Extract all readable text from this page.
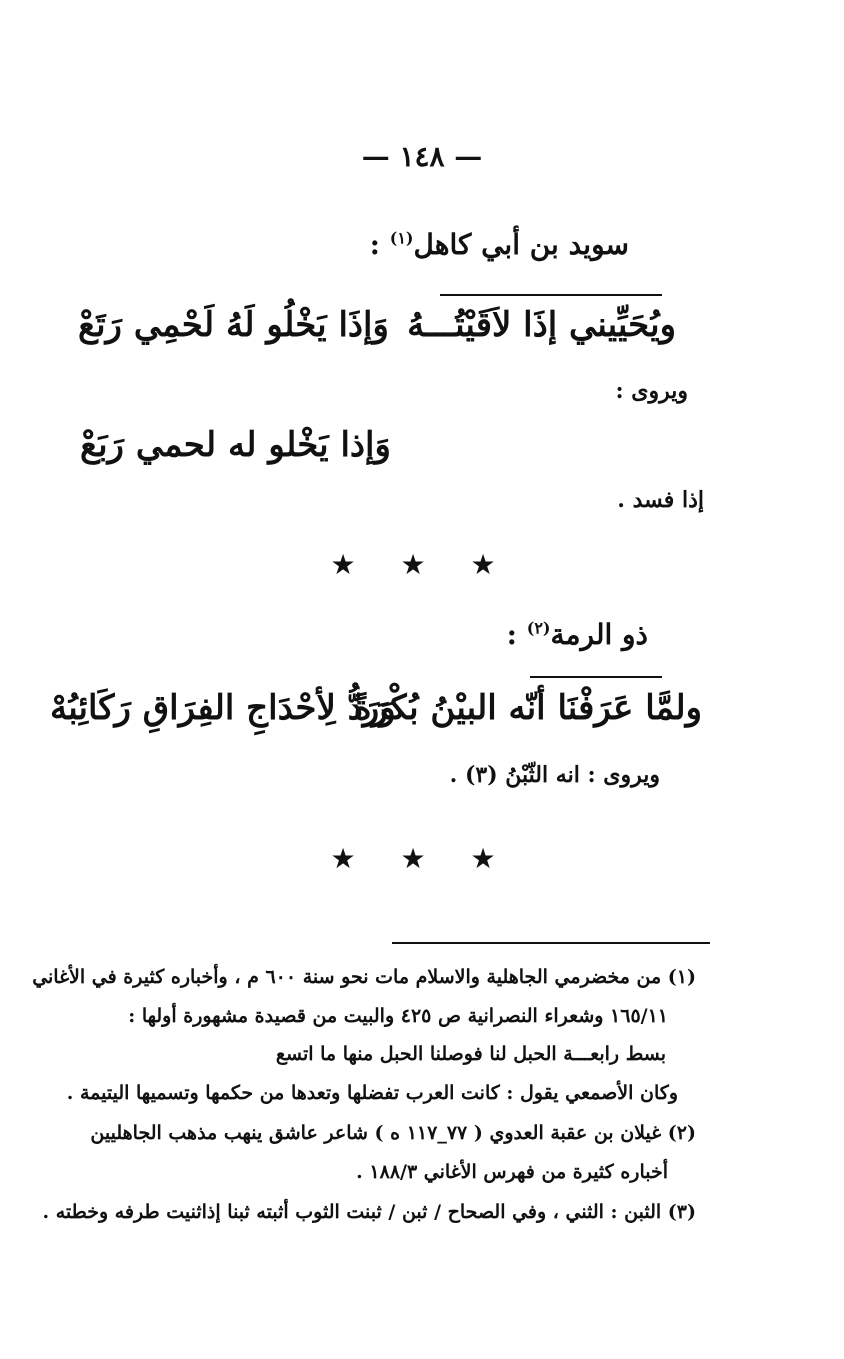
— ١٤٨ —
سويد بن أبي كاهل$^{(١)}$ :
ويُحَيِّيني إذَا لاَقَيْتُـــهُ
وَإذَا يَخْلُو لَهُ لَحْمِي رَتَعْ
ويروى :
وَإذا يَخْلو له لحمي رَبَعْ
إذا فسد .
★ ★ ★
ذو الرمة$^{(٢)}$ :
ولمَّا عَرَفْنَا أنّه البيْنُ بُكْرَةً
وَرَدُّ لِأحْدَاجِ الفِرَاقِ رَكَائِبُهْ
ويروى : انه الثّبْنُ (٣) .
★ ★ ★
(١) من مخضرمي الجاهلية والاسلام مات نحو سنة ٦٠٠ م ، وأخباره كثيرة في الأغاني
١٦٥/١١ وشعراء النصرانية ص ٤٢٥ والبيت من قصيدة مشهورة أولها :
بسط رابعـــة الحبل لنا فوصلنا الحبل منها ما اتسع
وكان الأصمعي يقول : كانت العرب تفضلها وتعدها من حكمها وتسميها اليتيمة .
(٢) غيلان بن عقبة العدوي ( ٧٧_١١٧ ه ) شاعر عاشق ينهب مذهب الجاهليين
أخباره كثيرة من فهرس الأغاني ١٨٨/٣ .
(٣) الثبن : الثني ، وفي الصحاح / ثبن / ثبنت الثوب أثبته ثبنا إذاثنيت طرفه وخطته .
